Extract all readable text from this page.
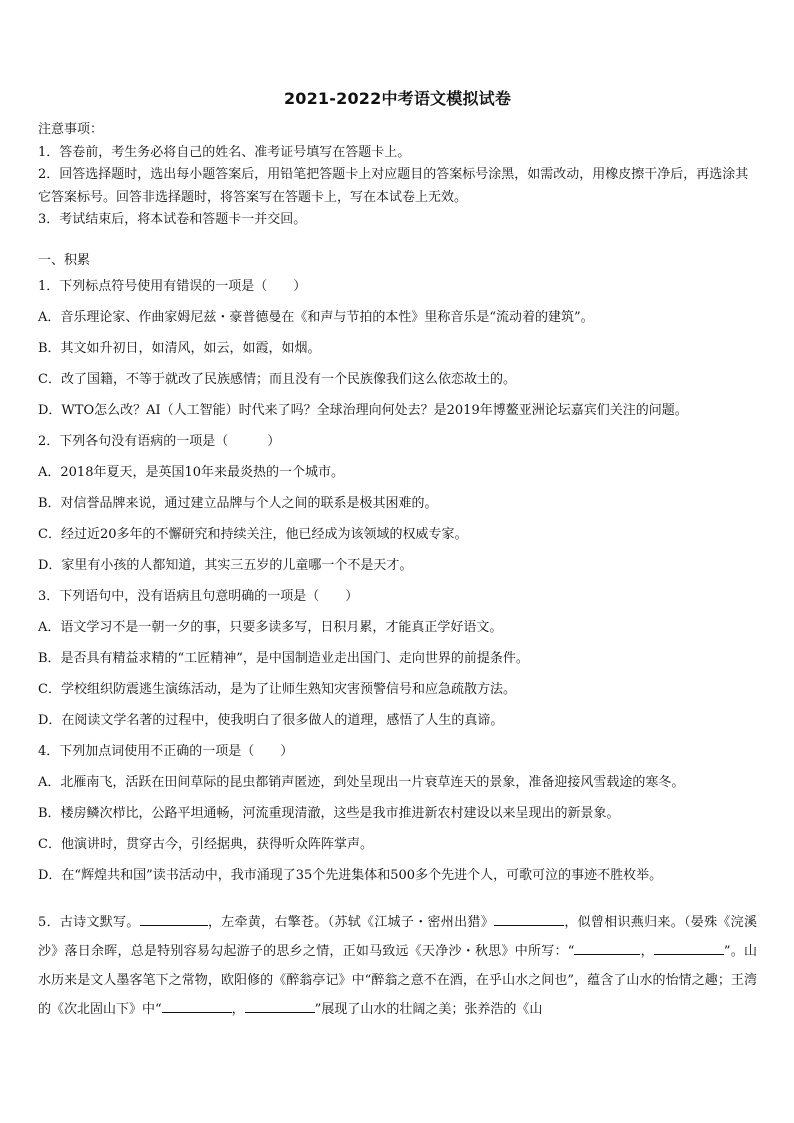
2021-2022中考语文模拟试卷

注意事项：

1．答卷前，考生务必将自己的姓名、准考证号填写在答题卡上。

2．回答选择题时，选出每小题答案后，用铅笔把答题卡上对应题目的答案标号涂黑，如需改动，用橡皮擦干净后，再选涂其它答案标号。回答非选择题时，将答案写在答题卡上，写在本试卷上无效。

3．考试结束后，将本试卷和答题卡一并交回。

一、积累

1．下列标点符号使用有错误的一项是（　　）

A．音乐理论家、作曲家姆尼兹・豪普德曼在《和声与节拍的本性》里称音乐是“流动着的建筑”。

B．其文如升初日，如清风，如云，如霞，如烟。

C．改了国籍，不等于就改了民族感情；而且没有一个民族像我们这么依恋故土的。

D．WTO怎么改？AI（人工智能）时代来了吗？全球治理向何处去？是2019年博鳌亚洲论坛嘉宾们关注的问题。

2．下列各句没有语病的一项是（　　　）

A．2018年夏天，是英国10年来最炎热的一个城市。

B．对信誉品牌来说，通过建立品牌与个人之间的联系是极其困难的。

C．经过近20多年的不懈研究和持续关注，他已经成为该领域的权威专家。

D．家里有小孩的人都知道，其实三五岁的儿童哪一个不是天才。

3．下列语句中，没有语病且句意明确的一项是（　　）

A．语文学习不是一朝一夕的事，只要多读多写，日积月累，才能真正学好语文。

B．是否具有精益求精的“工匠精神”，是中国制造业走出国门、走向世界的前提条件。

C．学校组织防震逃生演练活动，是为了让师生熟知灾害预警信号和应急疏散方法。

D．在阅读文学名著的过程中，使我明白了很多做人的道理，感悟了人生的真谛。

4．下列加点词使用不正确的一项是（　　）

A．北雁南飞，活跃在田间草际的昆虫都销声匿迹，到处呈现出一片衰草连天的景象，准备迎接风雪载途的寒冬。

B．楼房鳞次栉比，公路平坦通畅，河流重现清澈，这些是我市推进新农村建设以来呈现出的新景象。

C．他演讲时，贯穿古今，引经据典，获得听众阵阵掌声。

D．在“辉煌共和国”读书活动中，我市涌现了35个先进集体和500多个先进个人，可歌可泣的事迹不胜枚举。

5．古诗文默写。	，左牵黄，右擎苍。（苏轼《江城子・密州出猎》	，似曾相识燕归来。（晏殊《浣溪沙》落日余晖，总是特别容易勾起游子的思乡之情，正如马致远《天净沙・秋思》中所写：“	，	”。山水历来是文人墨客笔下之常物，欧阳修的《醉翁亭记》中“醉翁之意不在酒，在乎山水之间也”，蕴含了山水的怡情之趣；王湾的《次北固山下》中“	，	”展现了山水的壮阔之美；张养浩的《山
